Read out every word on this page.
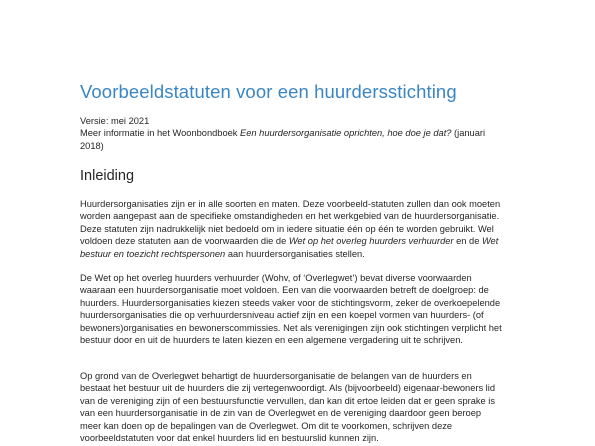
Voorbeeldstatuten voor een huurdersstichting

Versie: mei 2021

Meer informatie in het Woonbondboek Een huurdersorganisatie oprichten, hoe doe je dat? (januari

2018)

Inleiding

Huurdersorganisaties zijn er in alle soorten en maten. Deze voorbeeld-statuten zullen dan ook moeten
worden aangepast aan de specifieke omstandigheden en het werkgebied van de huurdersorganisatie.
Deze statuten zijn nadrukkelijk niet bedoeld om in iedere situatie één op één te worden gebruikt. Wel
voldoen deze statuten aan de voorwaarden die de Wet op het overleg huurders verhuurder en de Wet
bestuur en toezicht rechtspersonen aan huurdersorganisaties stellen.

De Wet op het overleg huurders verhuurder (Wohv, of ‘Overlegwet’) bevat diverse voorwaarden
waaraan een huurdersorganisatie moet voldoen. Een van die voorwaarden betreft de doelgroep: de
huurders. Huurdersorganisaties kiezen steeds vaker voor de stichtingsvorm, zeker de overkoepelende
huurdersorganisaties die op verhuurdersniveau actief zijn en een koepel vormen van huurders- (of
bewoners)organisaties en bewonerscommissies. Net als verenigingen zijn ook stichtingen verplicht het
bestuur door en uit de huurders te laten kiezen en een algemene vergadering uit te schrijven.

Op grond van de Overlegwet behartigt de huurdersorganisatie de belangen van de huurders en
bestaat het bestuur uit de huurders die zij vertegenwoordigt. Als (bijvoorbeeld) eigenaar-bewoners lid
van de vereniging zijn of een bestuursfunctie vervullen, dan kan dit ertoe leiden dat er geen sprake is
van een huurdersorganisatie in de zin van de Overlegwet en de vereniging daardoor geen beroep
meer kan doen op de bepalingen van de Overlegwet. Om dit te voorkomen, schrijven deze
voorbeeldstatuten voor dat enkel huurders lid en bestuurslid kunnen zijn.
